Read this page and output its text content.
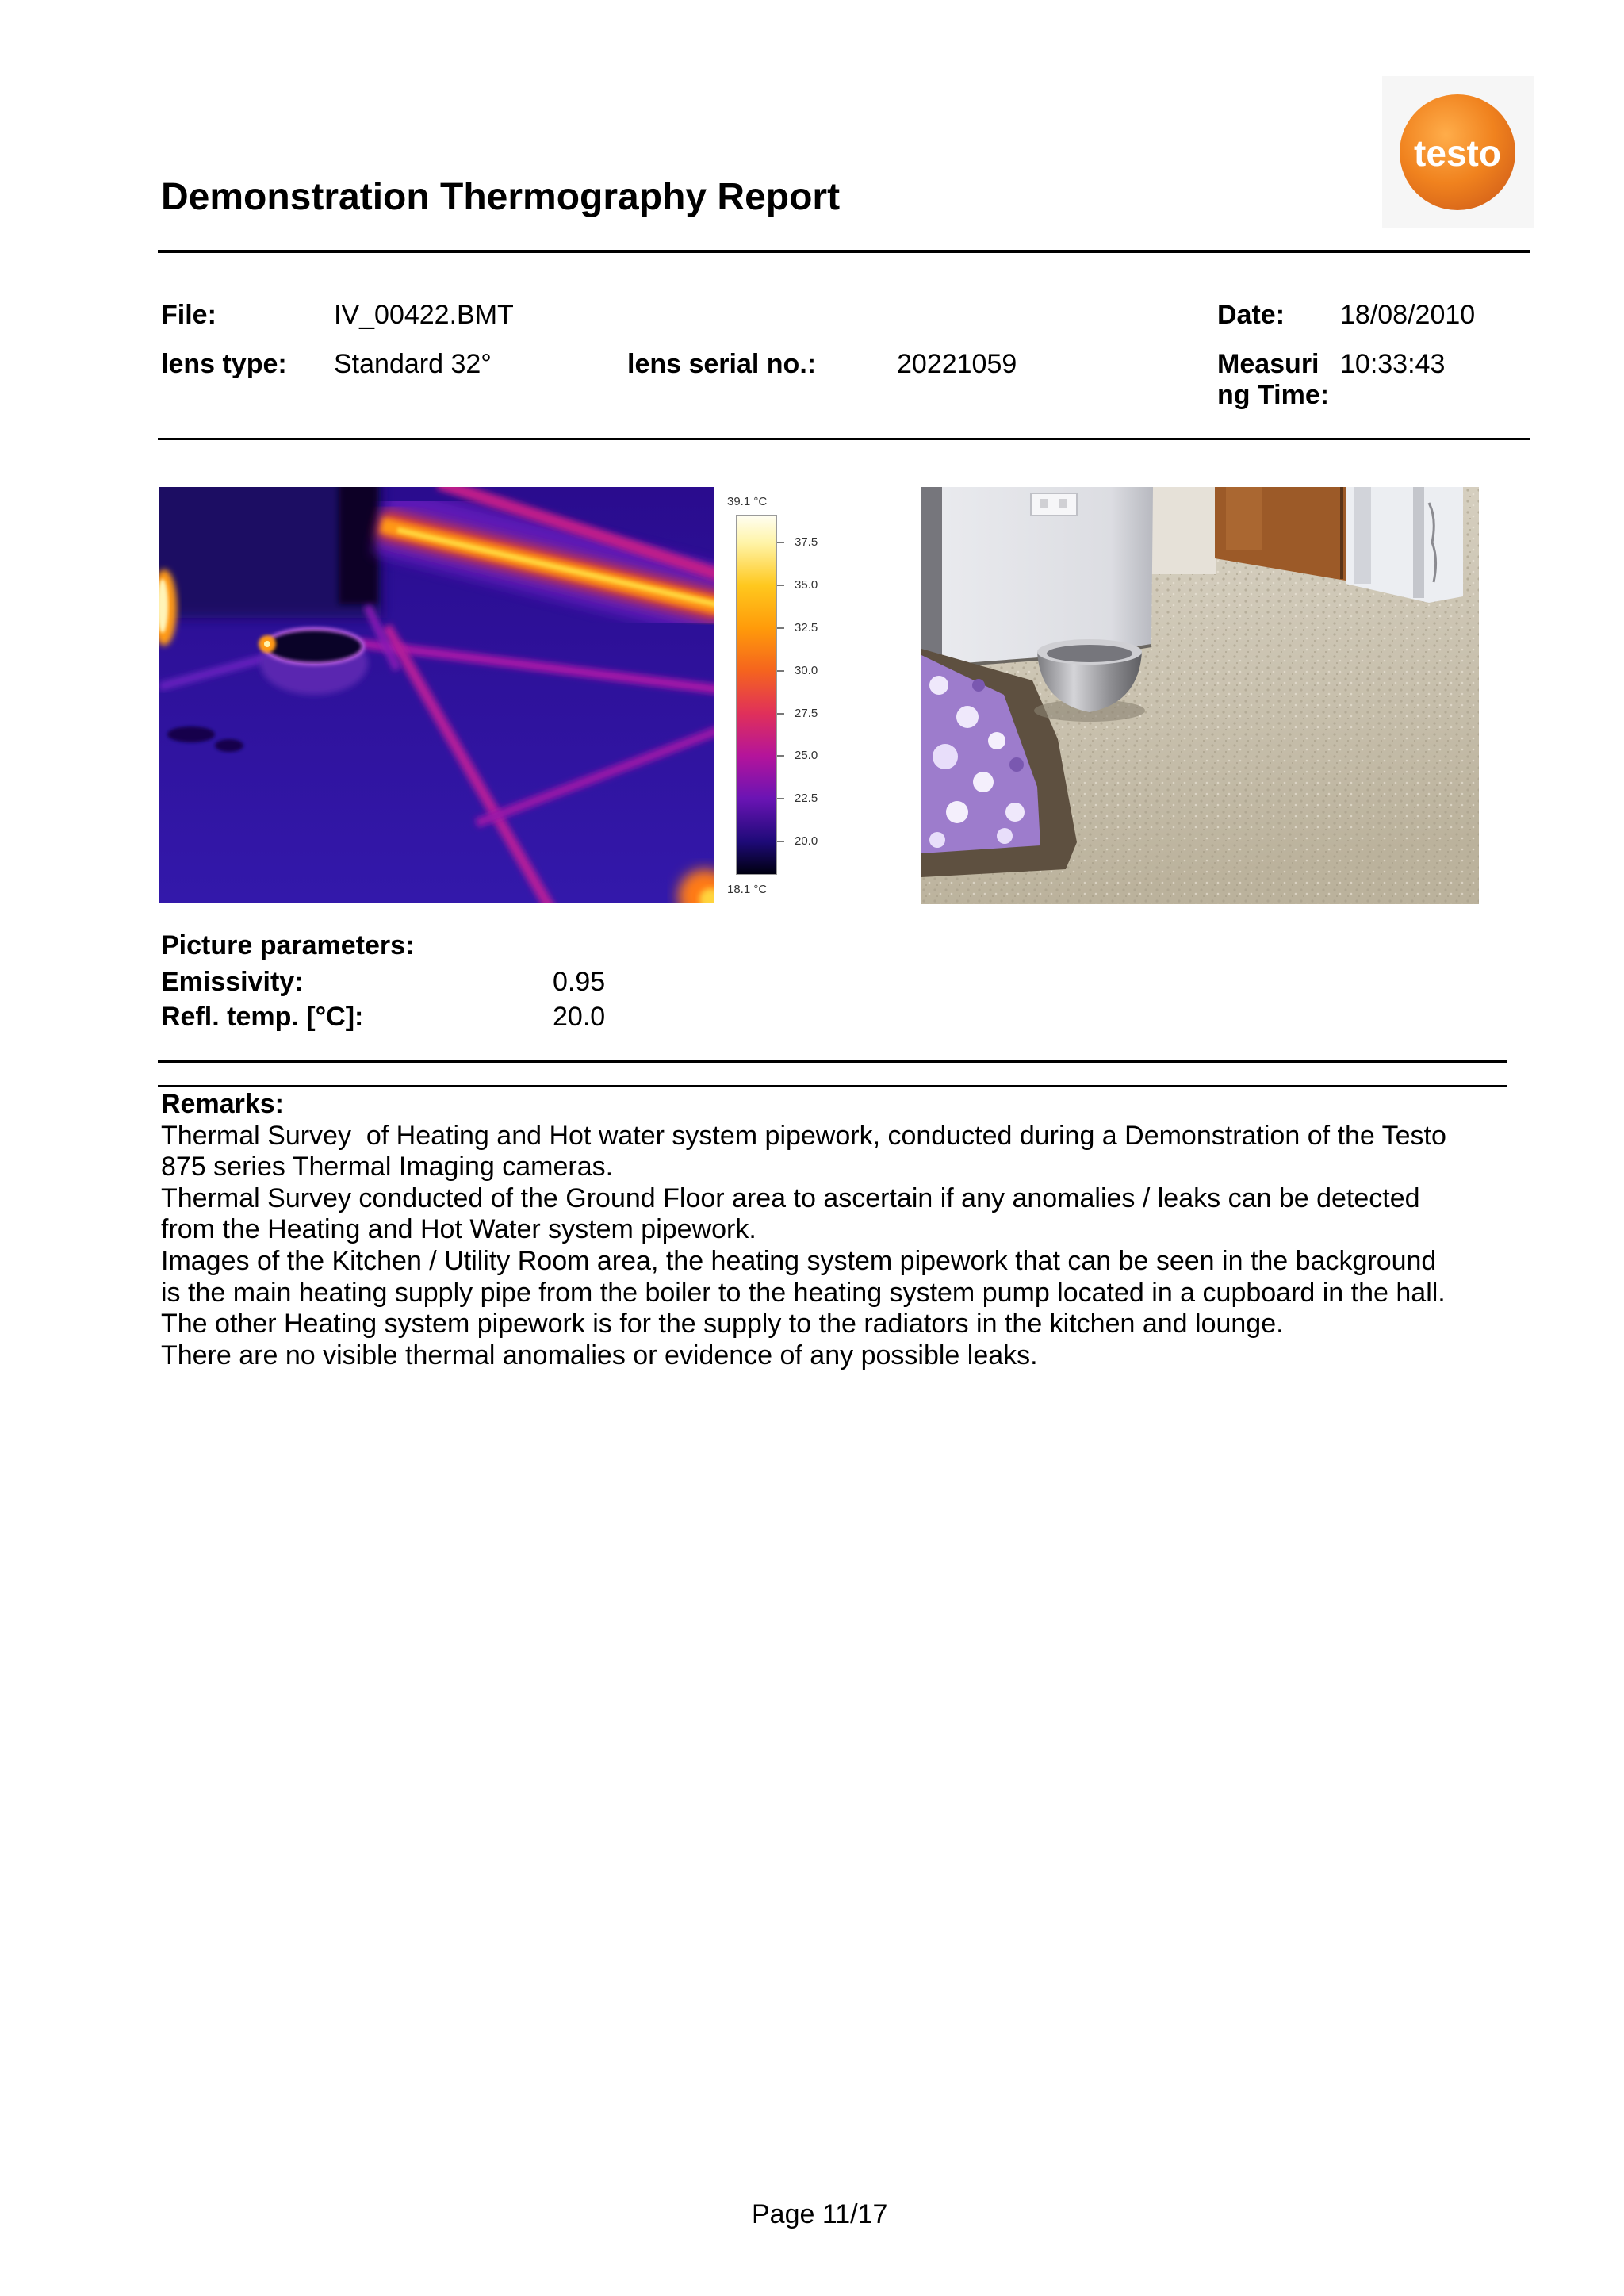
Demonstration Thermography Report
testo
File:	IV_00422.BMT	Date: 18/08/2010
lens type: Standard 32°	lens serial no.:	20221059	Measuri
ng Time:
10:33:43
39.1 °C
18.1 °C
37.5
35.0
32.5
30.0
27.5
25.0
22.5
20.0
Picture parameters:
Emissivity:	0.95
Refl. temp. [°C]:	20.0
Remarks:
Thermal Survey  of Heating and Hot water system pipework, conducted during a Demonstration of the Testo
875 series Thermal Imaging cameras.
Thermal Survey conducted of the Ground Floor area to ascertain if any anomalies / leaks can be detected
from the Heating and Hot Water system pipework.
Images of the Kitchen / Utility Room area, the heating system pipework that can be seen in the background
is the main heating supply pipe from the boiler to the heating system pump located in a cupboard in the hall.
The other Heating system pipework is for the supply to the radiators in the kitchen and lounge.
There are no visible thermal anomalies or evidence of any possible leaks.
Page 11/17
